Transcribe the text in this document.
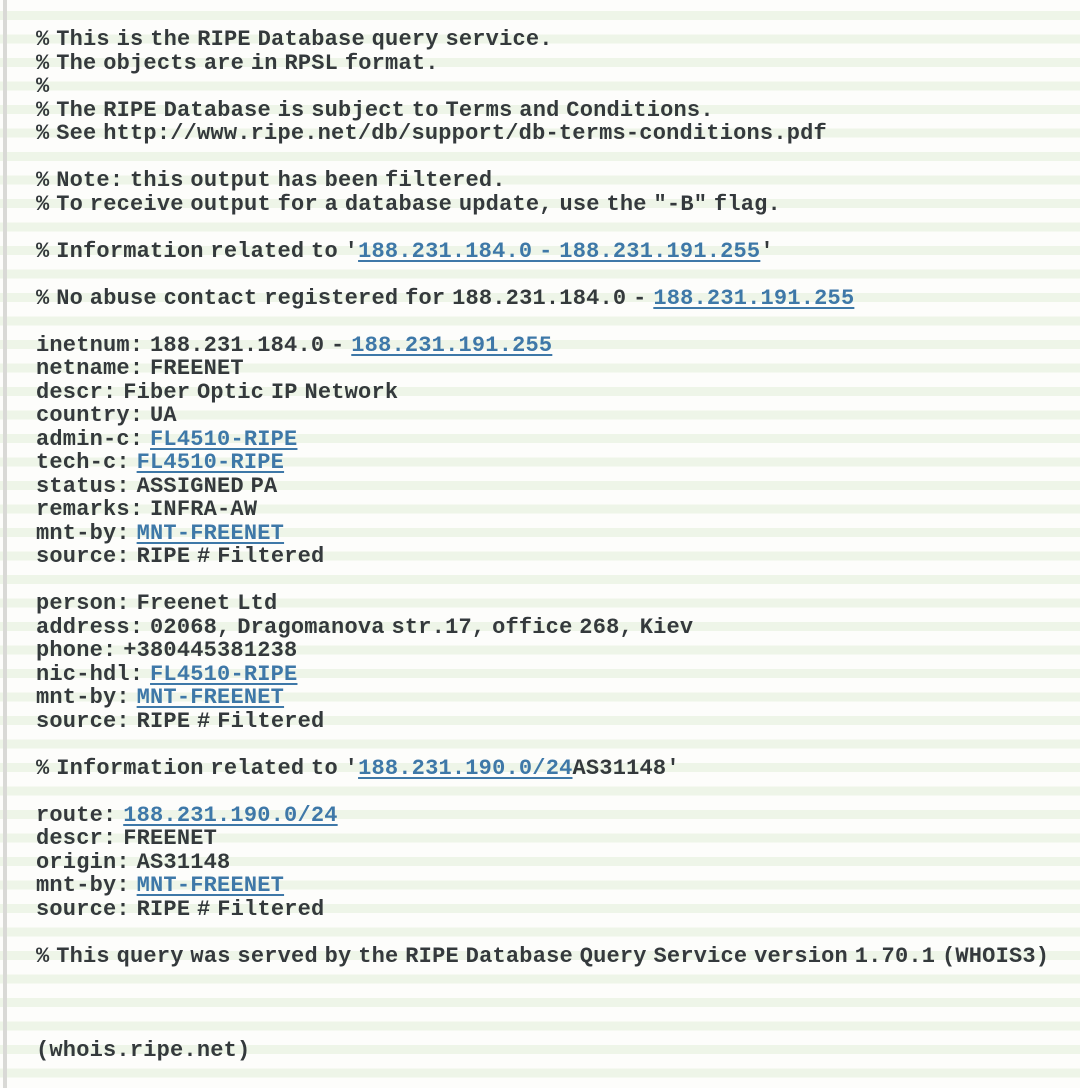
% This is the RIPE Database query service.
% The objects are in RPSL format.
%
% The RIPE Database is subject to Terms and Conditions.
% See http://www.ripe.net/db/support/db-terms-conditions.pdf

% Note: this output has been filtered.
% To receive output for a database update, use the "-B" flag.

% Information related to '188.231.184.0 - 188.231.191.255'

% No abuse contact registered for 188.231.184.0 - 188.231.191.255

inetnum: 188.231.184.0 - 188.231.191.255
netname: FREENET
descr: Fiber Optic IP Network
country: UA
admin-c: FL4510-RIPE
tech-c: FL4510-RIPE
status: ASSIGNED PA
remarks: INFRA-AW
mnt-by: MNT-FREENET
source: RIPE # Filtered

person: Freenet Ltd
address: 02068, Dragomanova str.17, office 268, Kiev
phone: +380445381238
nic-hdl: FL4510-RIPE
mnt-by: MNT-FREENET
source: RIPE # Filtered

% Information related to '188.231.190.0/24AS31148'

route: 188.231.190.0/24
descr: FREENET
origin: AS31148
mnt-by: MNT-FREENET
source: RIPE # Filtered

% This query was served by the RIPE Database Query Service version 1.70.1 (WHOIS3)

(whois.ripe.net)
